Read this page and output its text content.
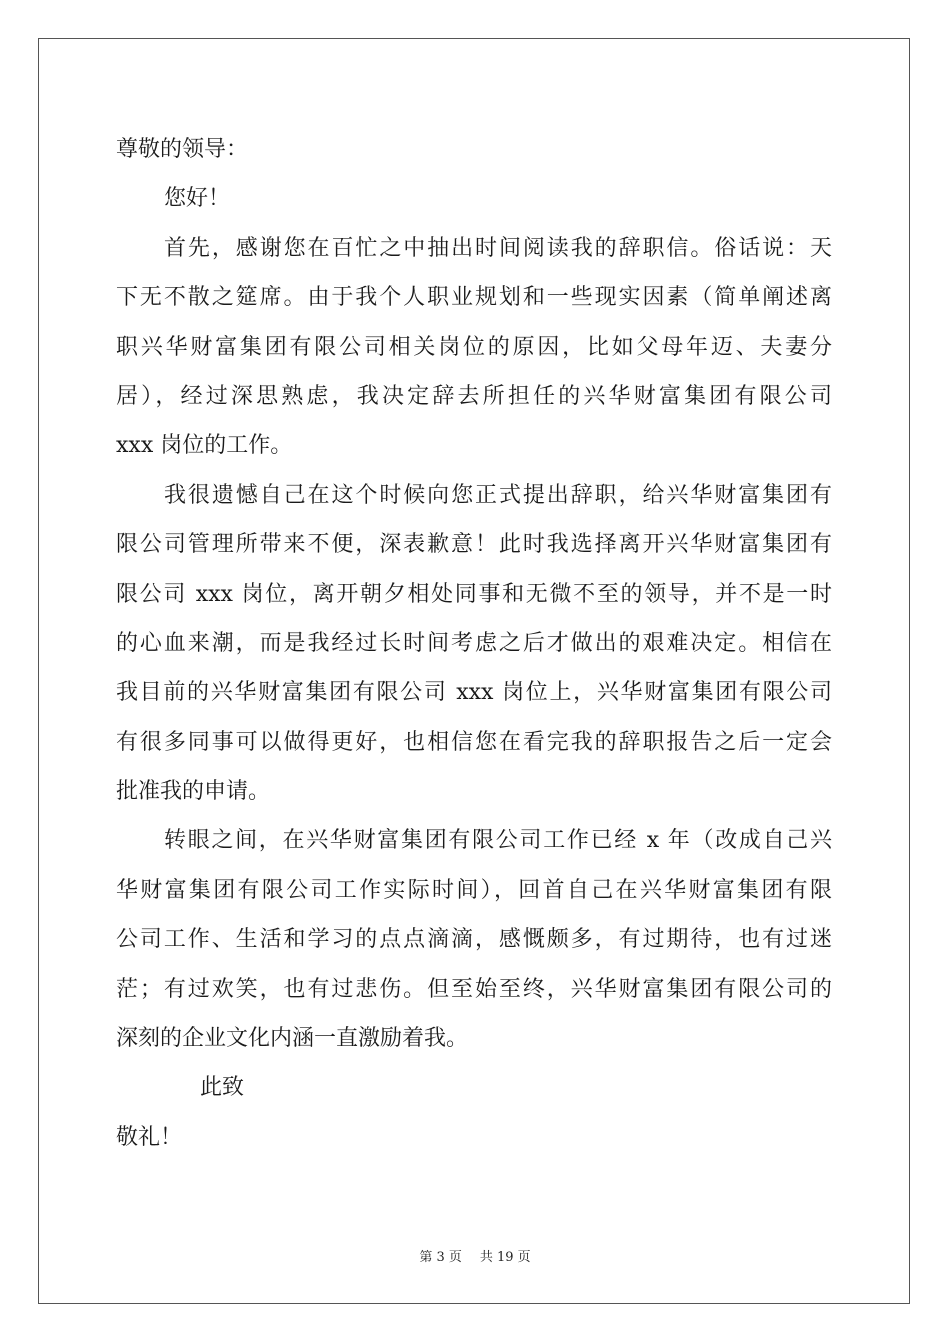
尊敬的领导：
您好！
首先，感谢您在百忙之中抽出时间阅读我的辞职信。俗话说：天
下无不散之筵席。由于我个人职业规划和一些现实因素（简单阐述离
职兴华财富集团有限公司相关岗位的原因，比如父母年迈、夫妻分
居），经过深思熟虑，我决定辞去所担任的兴华财富集团有限公司
xxx 岗位的工作。
我很遗憾自己在这个时候向您正式提出辞职，给兴华财富集团有
限公司管理所带来不便，深表歉意！此时我选择离开兴华财富集团有
限公司 xxx 岗位，离开朝夕相处同事和无微不至的领导，并不是一时
的心血来潮，而是我经过长时间考虑之后才做出的艰难决定。相信在
我目前的兴华财富集团有限公司 xxx 岗位上，兴华财富集团有限公司
有很多同事可以做得更好，也相信您在看完我的辞职报告之后一定会
批准我的申请。
转眼之间，在兴华财富集团有限公司工作已经 x 年（改成自己兴
华财富集团有限公司工作实际时间），回首自己在兴华财富集团有限
公司工作、生活和学习的点点滴滴，感慨颇多，有过期待，也有过迷
茫；有过欢笑，也有过悲伤。但至始至终，兴华财富集团有限公司的
深刻的企业文化内涵一直激励着我。
此致
敬礼！
第 3 页 共 19 页
